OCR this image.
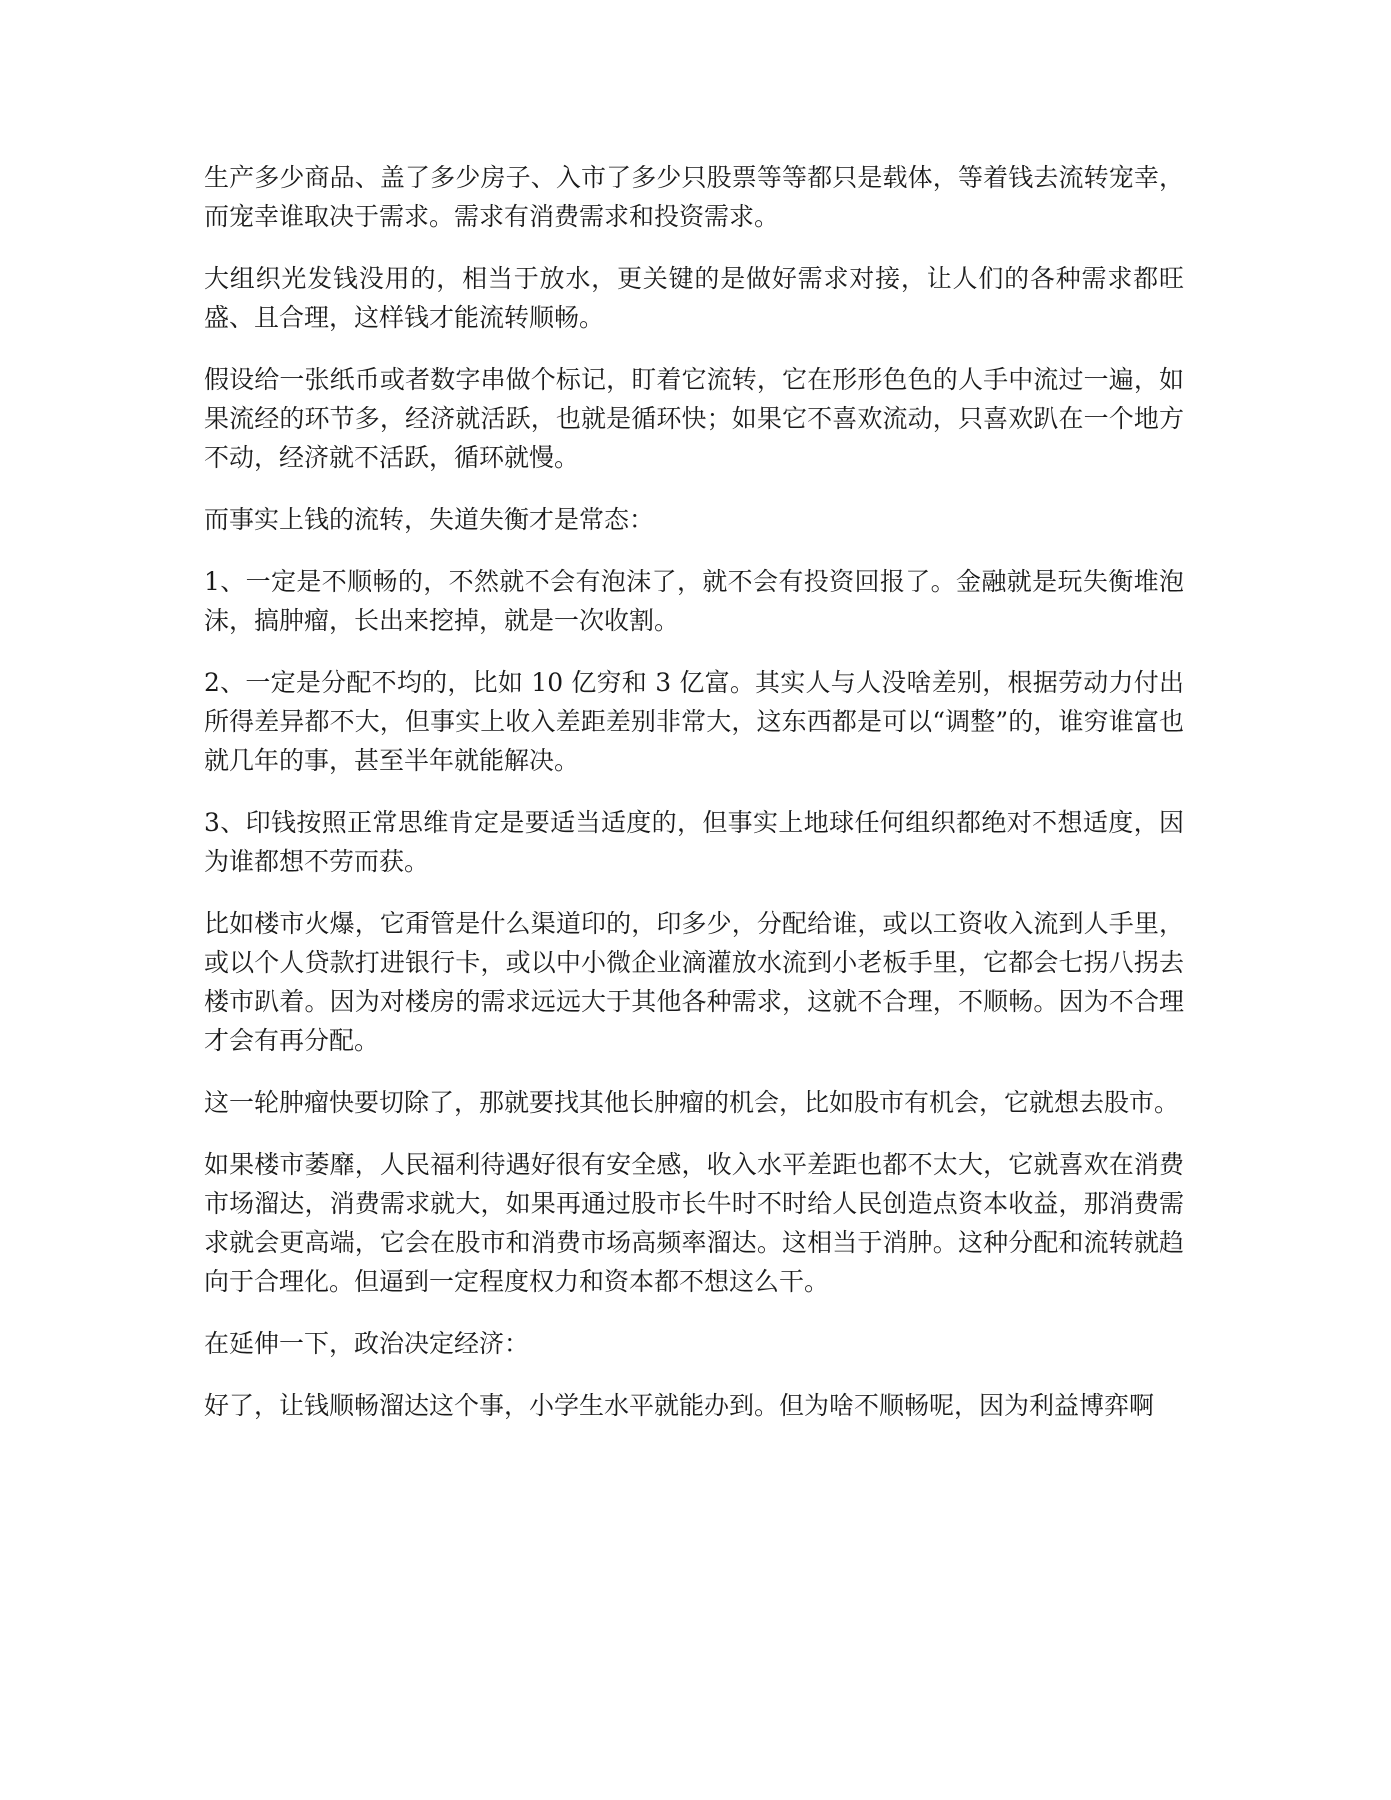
生产多少商品、盖了多少房子、入市了多少只股票等等都只是载体，等着钱去流转宠幸，而宠幸谁取决于需求。需求有消费需求和投资需求。

大组织光发钱没用的，相当于放水，更关键的是做好需求对接，让人们的各种需求都旺盛、且合理，这样钱才能流转顺畅。

假设给一张纸币或者数字串做个标记，盯着它流转，它在形形色色的人手中流过一遍，如果流经的环节多，经济就活跃，也就是循环快；如果它不喜欢流动，只喜欢趴在一个地方不动，经济就不活跃，循环就慢。

而事实上钱的流转，失道失衡才是常态：

1、一定是不顺畅的，不然就不会有泡沫了，就不会有投资回报了。金融就是玩失衡堆泡沫，搞肿瘤，长出来挖掉，就是一次收割。

2、一定是分配不均的，比如 10 亿穷和 3 亿富。其实人与人没啥差别，根据劳动力付出所得差异都不大，但事实上收入差距差别非常大，这东西都是可以“调整”的，谁穷谁富也就几年的事，甚至半年就能解决。

3、印钱按照正常思维肯定是要适当适度的，但事实上地球任何组织都绝对不想适度，因为谁都想不劳而获。

比如楼市火爆，它甭管是什么渠道印的，印多少，分配给谁，或以工资收入流到人手里，或以个人贷款打进银行卡，或以中小微企业滴灌放水流到小老板手里，它都会七拐八拐去楼市趴着。因为对楼房的需求远远大于其他各种需求，这就不合理，不顺畅。因为不合理才会有再分配。

这一轮肿瘤快要切除了，那就要找其他长肿瘤的机会，比如股市有机会，它就想去股市。

如果楼市萎靡，人民福利待遇好很有安全感，收入水平差距也都不太大，它就喜欢在消费市场溜达，消费需求就大，如果再通过股市长牛时不时给人民创造点资本收益，那消费需求就会更高端，它会在股市和消费市场高频率溜达。这相当于消肿。这种分配和流转就趋向于合理化。但逼到一定程度权力和资本都不想这么干。

在延伸一下，政治决定经济：

好了，让钱顺畅溜达这个事，小学生水平就能办到。但为啥不顺畅呢，因为利益博弈啊
